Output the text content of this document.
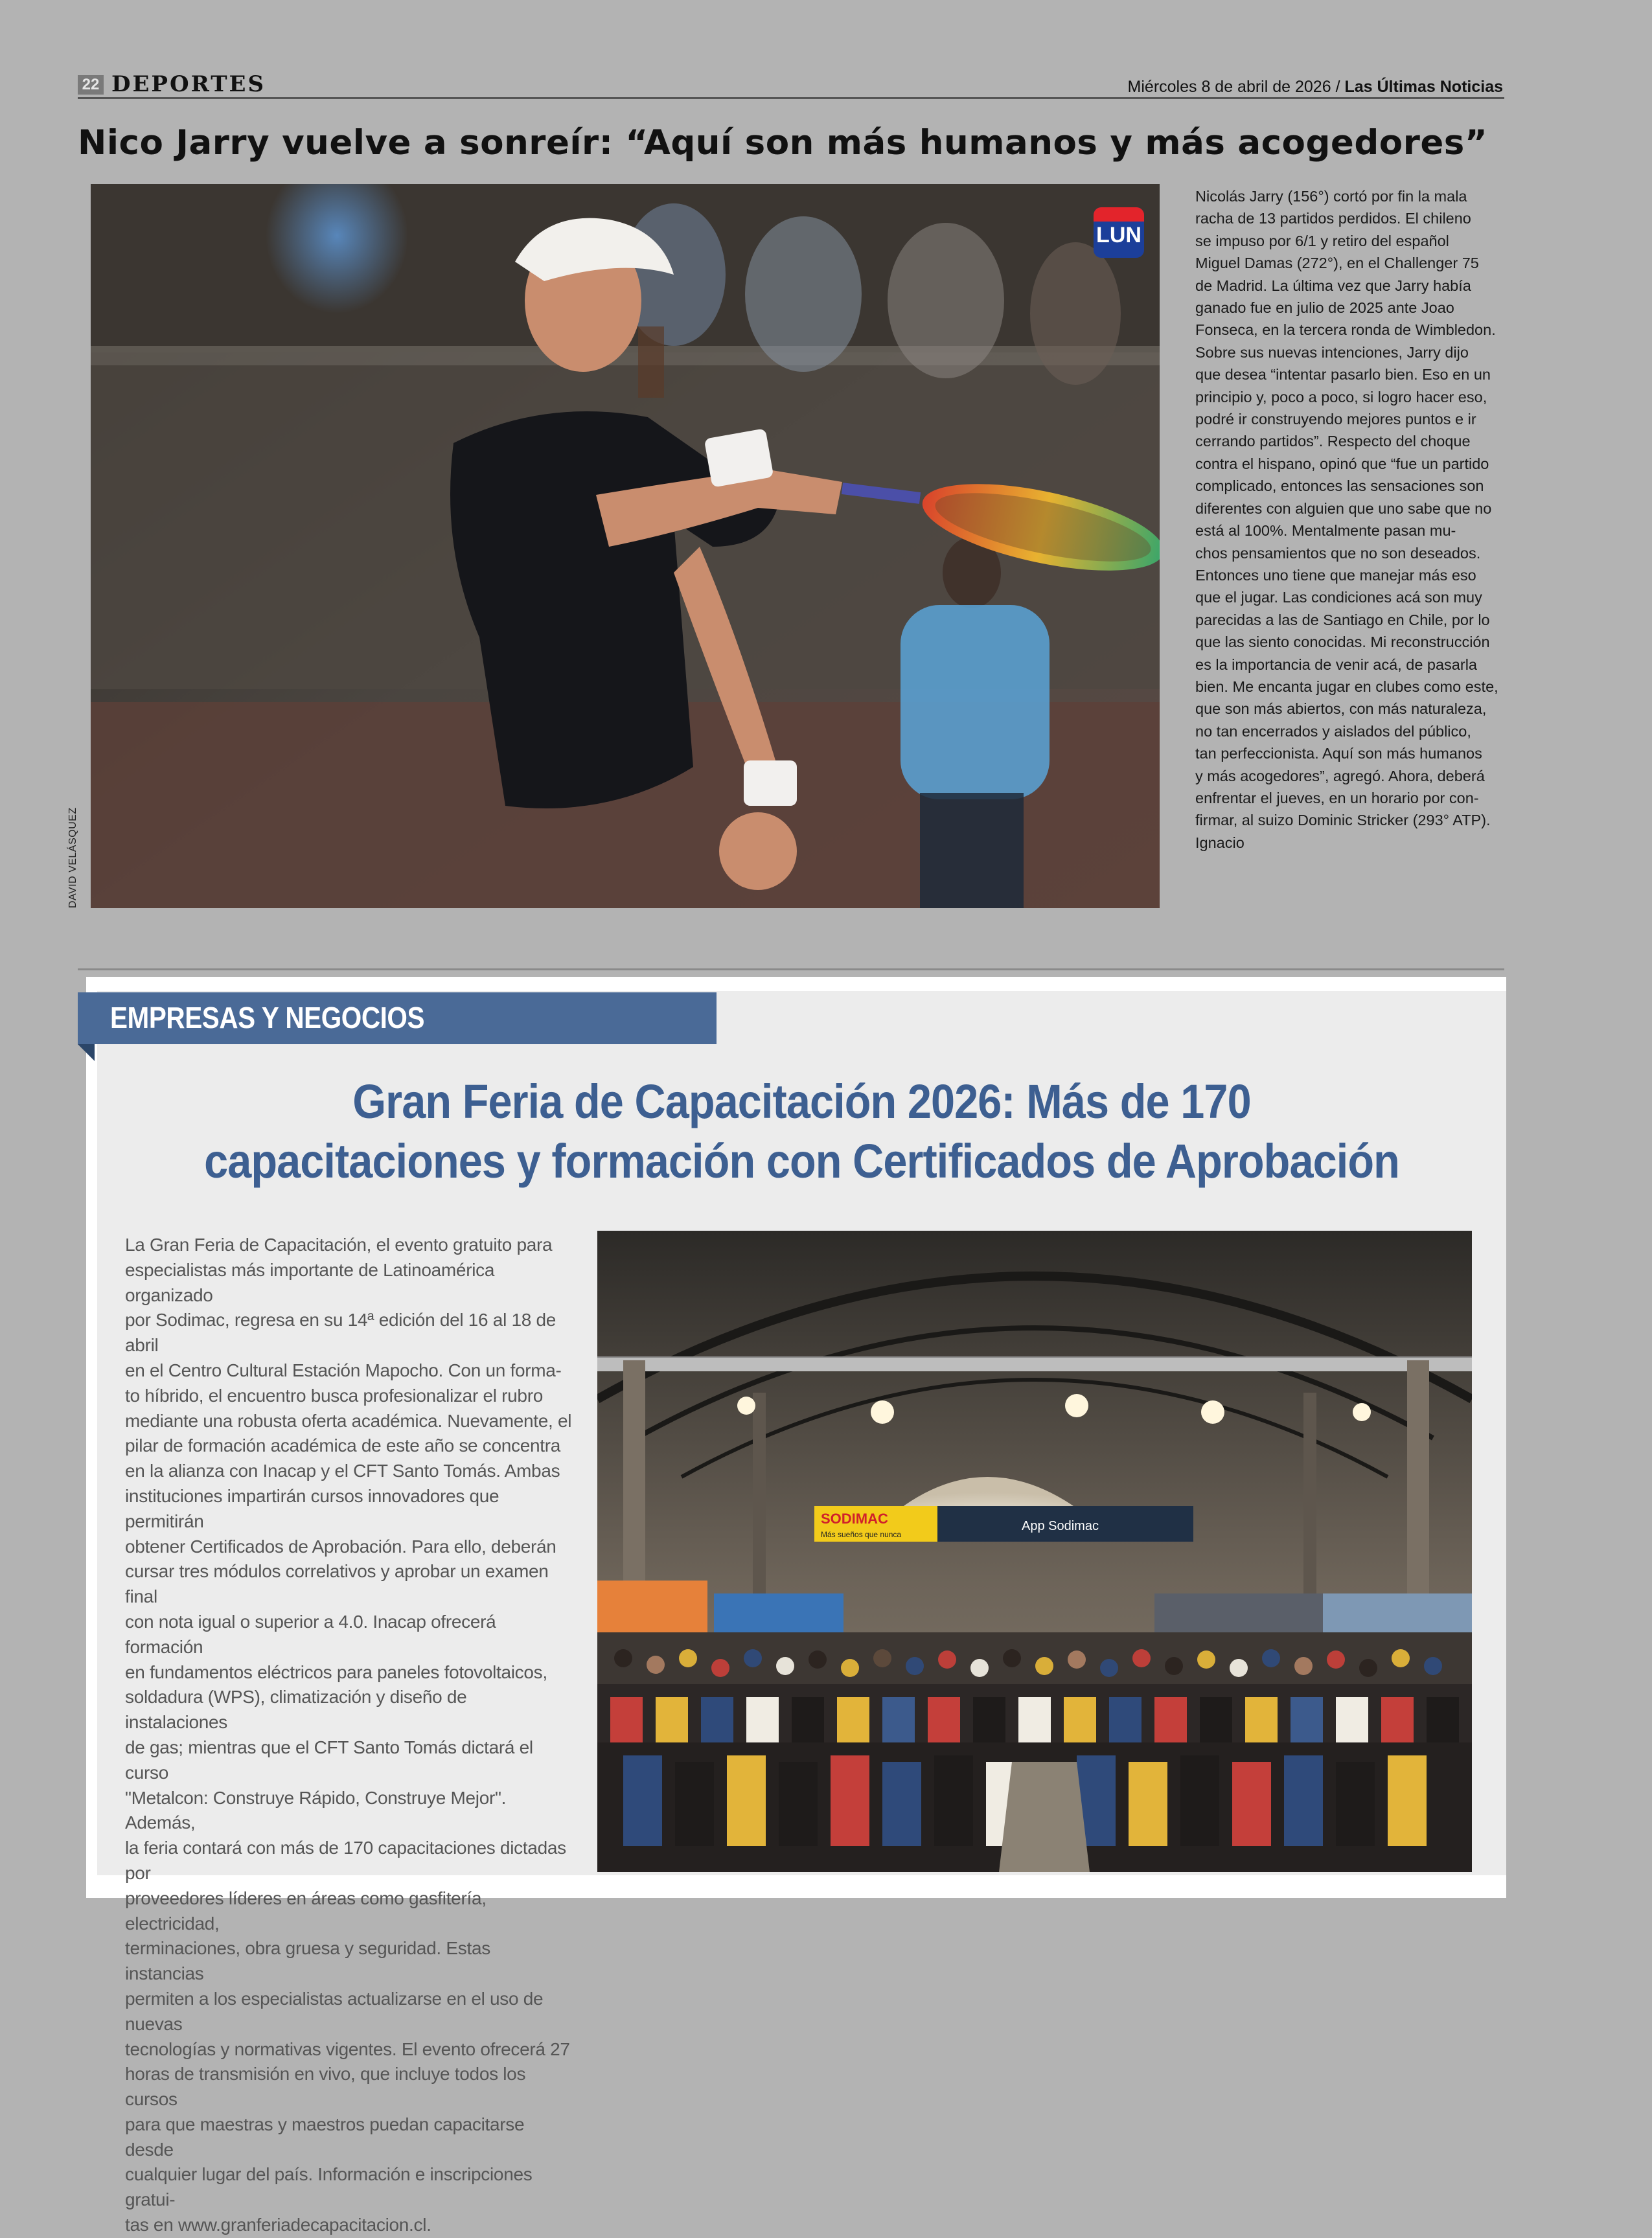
22 DEPORTES	Miércoles 8 de abril de 2026 / Las Últimas Noticias
Nico Jarry vuelve a sonreír: “Aquí son más humanos y más acogedores”
DAVID VELÁSQUEZ
LUN
Nicolás Jarry (156°) cortó por fin la mala
racha de 13 partidos perdidos. El chileno
se impuso por 6/1 y retiro del español
Miguel Damas (272°), en el Challenger 75
de Madrid. La última vez que Jarry había
ganado fue en julio de 2025 ante Joao
Fonseca, en la tercera ronda de Wimbledon.
Sobre sus nuevas intenciones, Jarry dijo
que desea “intentar pasarlo bien. Eso en un
principio y, poco a poco, si logro hacer eso,
podré ir construyendo mejores puntos e ir
cerrando partidos”. Respecto del choque
contra el hispano, opinó que “fue un partido
complicado, entonces las sensaciones son
diferentes con alguien que uno sabe que no
está al 100%. Mentalmente pasan mu-
chos pensamientos que no son deseados.
Entonces uno tiene que manejar más eso
que el jugar. Las condiciones acá son muy
parecidas a las de Santiago en Chile, por lo
que las siento conocidas. Mi reconstrucción
es la importancia de venir acá, de pasarla
bien. Me encanta jugar en clubes como este,
que son más abiertos, con más naturaleza,
no tan encerrados y aislados del público,
tan perfeccionista. Aquí son más humanos
y más acogedores”, agregó. Ahora, deberá
enfrentar el jueves, en un horario por con-
firmar, al suizo Dominic Stricker (293° ATP).
Ignacio
EMPRESAS Y NEGOCIOS
Gran Feria de Capacitación 2026: Más de 170
capacitaciones y formación con Certificados de Aprobación
La Gran Feria de Capacitación, el evento gratuito para
especialistas más importante de Latinoamérica organizado
por Sodimac, regresa en su 14ª edición del 16 al 18 de abril
en el Centro Cultural Estación Mapocho. Con un forma-
to híbrido, el encuentro busca profesionalizar el rubro
mediante una robusta oferta académica. Nuevamente, el
pilar de formación académica de este año se concentra
en la alianza con Inacap y el CFT Santo Tomás. Ambas
instituciones impartirán cursos innovadores que permitirán
obtener Certificados de Aprobación. Para ello, deberán
cursar tres módulos correlativos y aprobar un examen final
con nota igual o superior a 4.0. Inacap ofrecerá formación
en fundamentos eléctricos para paneles fotovoltaicos,
soldadura (WPS), climatización y diseño de instalaciones
de gas; mientras que el CFT Santo Tomás dictará el curso
"Metalcon: Construye Rápido, Construye Mejor". Además,
la feria contará con más de 170 capacitaciones dictadas por
proveedores líderes en áreas como gasfitería, electricidad,
terminaciones, obra gruesa y seguridad. Estas instancias
permiten a los especialistas actualizarse en el uso de nuevas
tecnologías y normativas vigentes. El evento ofrecerá 27
horas de transmisión en vivo, que incluye todos los cursos
para que maestras y maestros puedan capacitarse desde
cualquier lugar del país. Información e inscripciones gratui-
tas en www.granferiadecapacitacion.cl.
SODIMAC
Más sueños que nunca
App Sodimac
